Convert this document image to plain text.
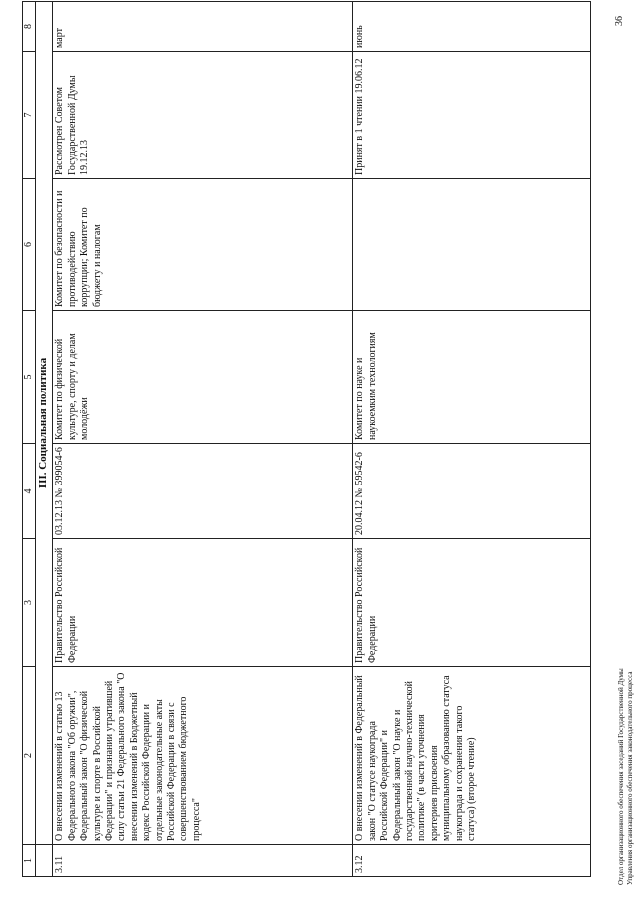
1	2	3	4	5	6	7	8
	III. Социальная политика						
3.11	О внесении изменений в статью 13 Федерального закона "Об оружии", Федеральный закон "О физической культуре и спорте в Российской Федерации" и признании утратившей силу статьи 21 Федерального закона "О внесении изменений в Бюджетный кодекс Российской Федерации и отдельные законодательные акты Российской Федерации в связи с совершенствованием бюджетного процесса"	Правительство Российской Федерации	03.12.13 № 399054-6	Комитет по физической культуре, спорту и делам молодёжи	Комитет по безопасности и противодействию коррупции; Комитет по бюджету и налогам	Рассмотрен Советом Государственной Думы 19.12.13	март
3.12	О внесении изменений в Федеральный закон "О статусе наукограда Российской Федерации" и Федеральный закон "О науке и государственной научно-технической политике" (в части уточнения критериев присвоения муниципальному образованию статуса наукограда и сохранения такого статуса) (второе чтение)	Правительство Российской Федерации	20.04.12 № 59542-6	Комитет по науке и наукоемким технологиям		Принят в 1 чтении 19.06.12	июнь
Отдел организационного обеспечения заседаний Государственной Думы Управления организационного обеспечения законодательного процесса
36
